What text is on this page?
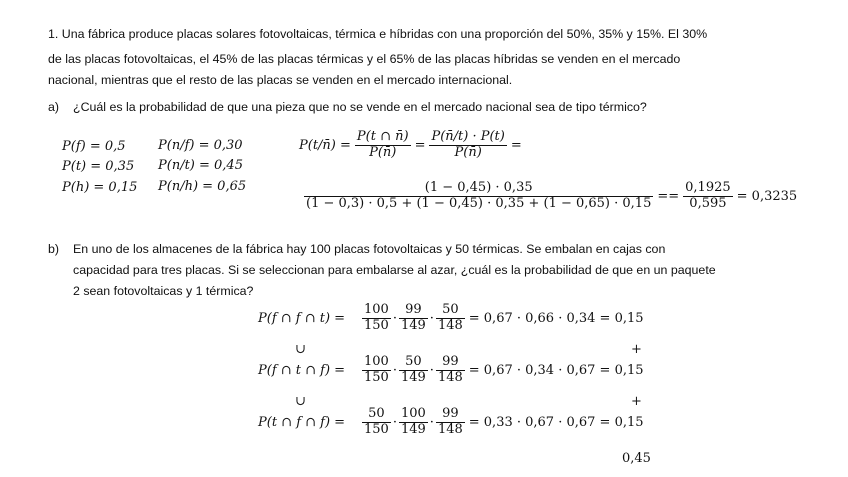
1. Una fábrica produce placas solares fotovoltaicas, térmica e híbridas con una proporción del 50%, 35% y 15%. El 30%
de las placas fotovoltaicas, el 45% de las placas térmicas y el 65% de las placas híbridas se venden en el mercado
nacional, mientras que el resto de las placas se venden en el mercado internacional.
a) ¿Cuál es la probabilidad de que una pieza que no se vende en el mercado nacional sea de tipo térmico?
P(f) = 0,5 P(n/f) = 0,30
P(t) = 0,35 P(n/t) = 0,45
P(h) = 0,15 P(n/h) = 0,65
P(t/n̄) = $\frac{P(t \cap n̄)}{P(n̄)} = \frac{P(n̄/t) \cdot P(t)}{P(n̄)}$ =
$\frac{(1 - 0,45) \cdot 0,35}{(1 - 0,3) \cdot 0,5 + (1 - 0,45) \cdot 0,35 + (1 - 0,65) \cdot 0,15} == \frac{0,1925}{0,595} = 0,3235$
b) En uno de los almacenes de la fábrica hay 100 placas fotovoltaicas y 50 térmicas. Se embalan en cajas con
capacidad para tres placas. Si se seleccionan para embalarse al azar, ¿cuál es la probabilidad de que en un paquete
2 sean fotovoltaicas y 1 térmica?
P(f ∩ f ∩ t) =	$\frac{100}{150} \cdot \frac{99}{149} \cdot \frac{50}{148} = 0,67 \cdot 0,66 \cdot 0,34 = 0,15$
∪	+
P(f ∩ t ∩ f) =	$\frac{100}{150} \cdot \frac{50}{149} \cdot \frac{99}{148} = 0,67 \cdot 0,34 \cdot 0,67 = 0,15$
∪	+
P(t ∩ f ∩ f) =	$\frac{50}{150} \cdot \frac{100}{149} \cdot \frac{99}{148} = 0,33 \cdot 0,67 \cdot 0,67 = 0,15$
0,45
